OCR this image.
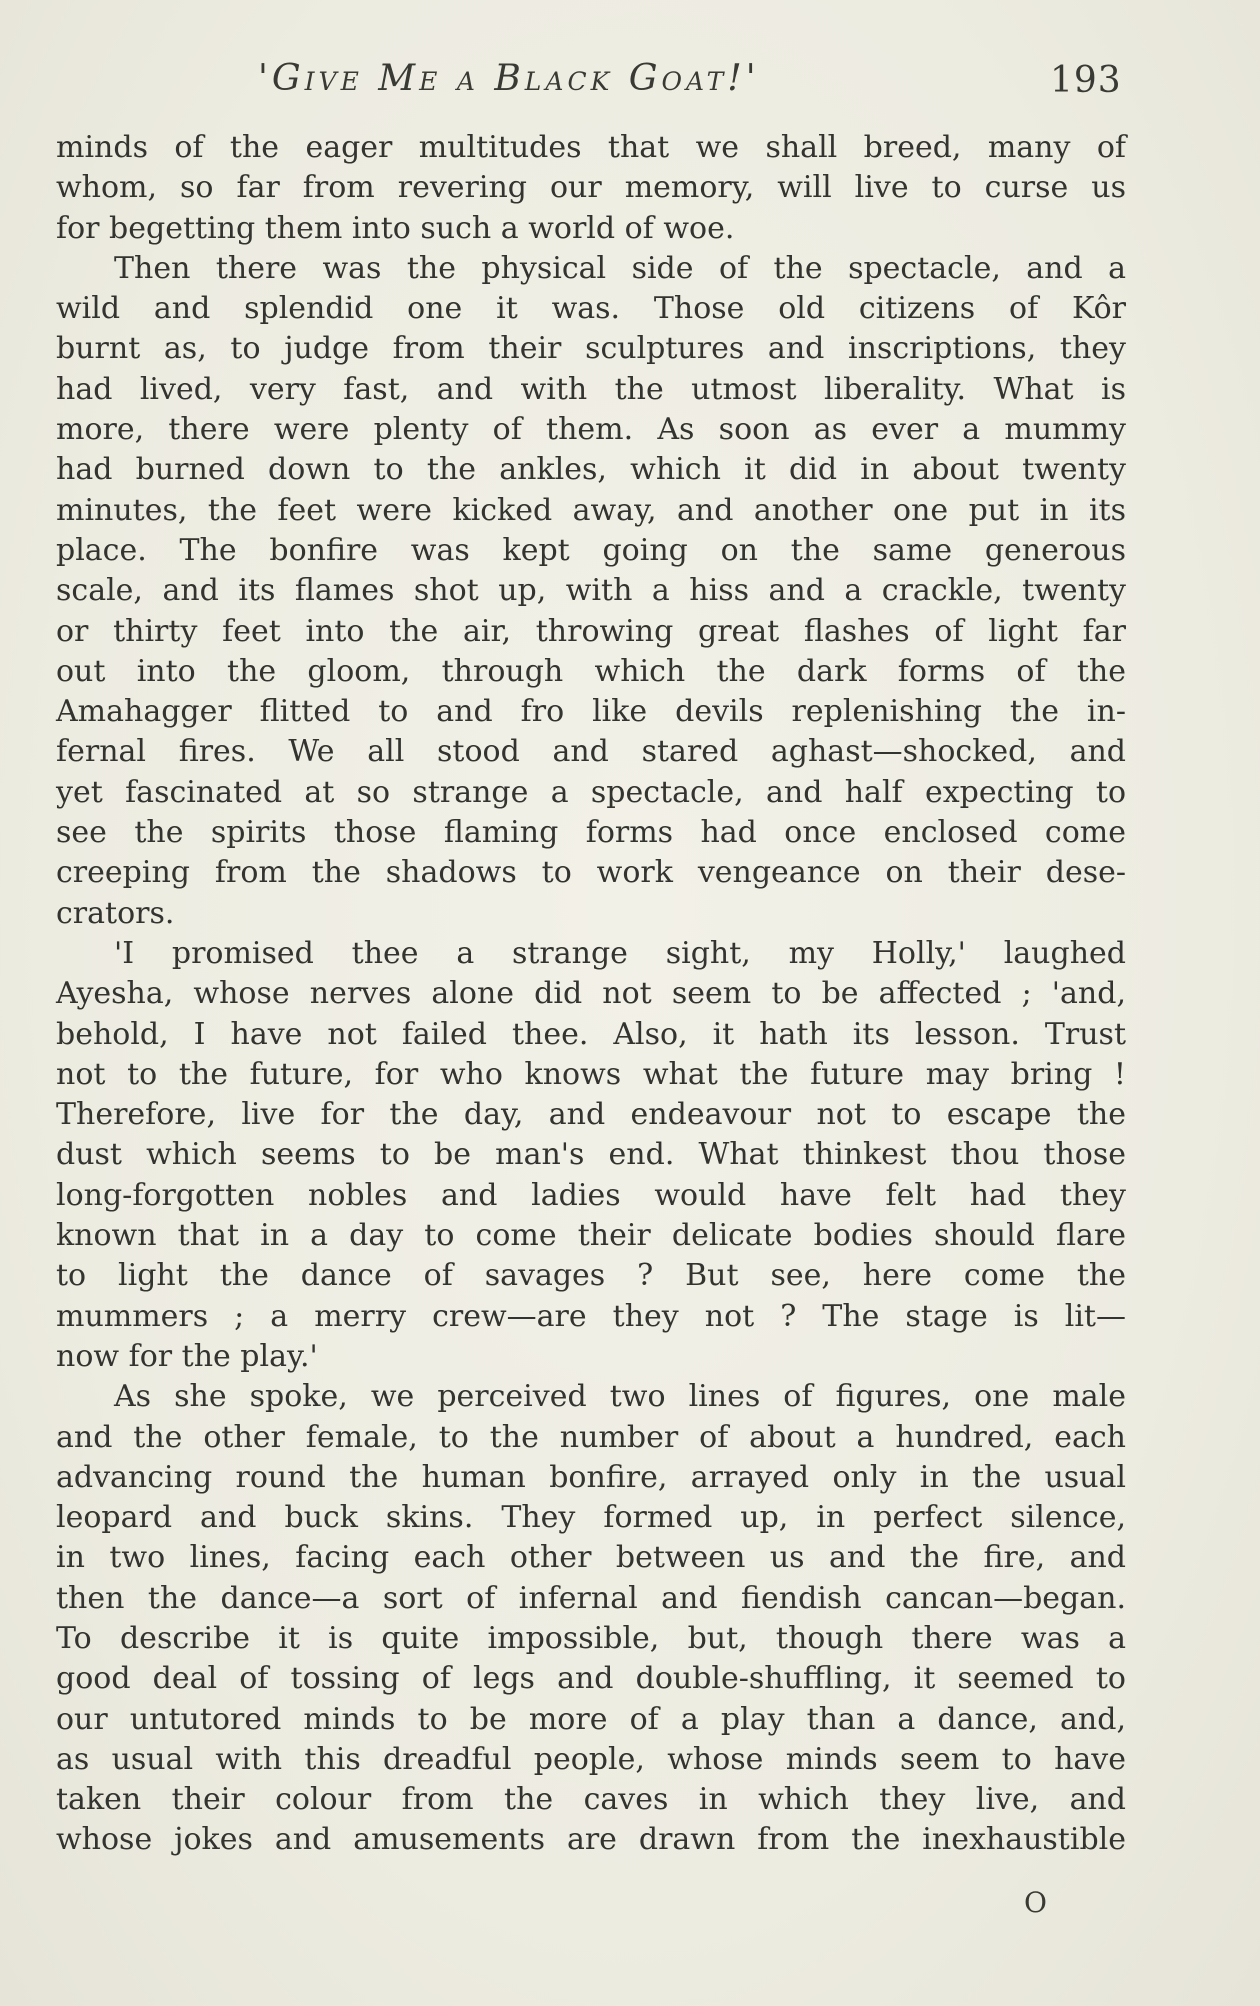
'Give Me a Black Goat!'	193
minds of the eager multitudes that we shall breed, many of
whom, so far from revering our memory, will live to curse us
for begetting them into such a world of woe.
Then there was the physical side of the spectacle, and a
wild and splendid one it was. Those old citizens of Kôr
burnt as, to judge from their sculptures and inscriptions, they
had lived, very fast, and with the utmost liberality. What is
more, there were plenty of them. As soon as ever a mummy
had burned down to the ankles, which it did in about twenty
minutes, the feet were kicked away, and another one put in its
place. The bonfire was kept going on the same generous
scale, and its flames shot up, with a hiss and a crackle, twenty
or thirty feet into the air, throwing great flashes of light far
out into the gloom, through which the dark forms of the
Amahagger flitted to and fro like devils replenishing the in-
fernal fires. We all stood and stared aghast—shocked, and
yet fascinated at so strange a spectacle, and half expecting to
see the spirits those flaming forms had once enclosed come
creeping from the shadows to work vengeance on their dese-
crators.
'I promised thee a strange sight, my Holly,' laughed
Ayesha, whose nerves alone did not seem to be affected ; 'and,
behold, I have not failed thee. Also, it hath its lesson. Trust
not to the future, for who knows what the future may bring !
Therefore, live for the day, and endeavour not to escape the
dust which seems to be man's end. What thinkest thou those
long-forgotten nobles and ladies would have felt had they
known that in a day to come their delicate bodies should flare
to light the dance of savages ? But see, here come the
mummers ; a merry crew—are they not ? The stage is lit—
now for the play.'
As she spoke, we perceived two lines of figures, one male
and the other female, to the number of about a hundred, each
advancing round the human bonfire, arrayed only in the usual
leopard and buck skins. They formed up, in perfect silence,
in two lines, facing each other between us and the fire, and
then the dance—a sort of infernal and fiendish cancan—began.
To describe it is quite impossible, but, though there was a
good deal of tossing of legs and double-shuffling, it seemed to
our untutored minds to be more of a play than a dance, and,
as usual with this dreadful people, whose minds seem to have
taken their colour from the caves in which they live, and
whose jokes and amusements are drawn from the inexhaustible
O
